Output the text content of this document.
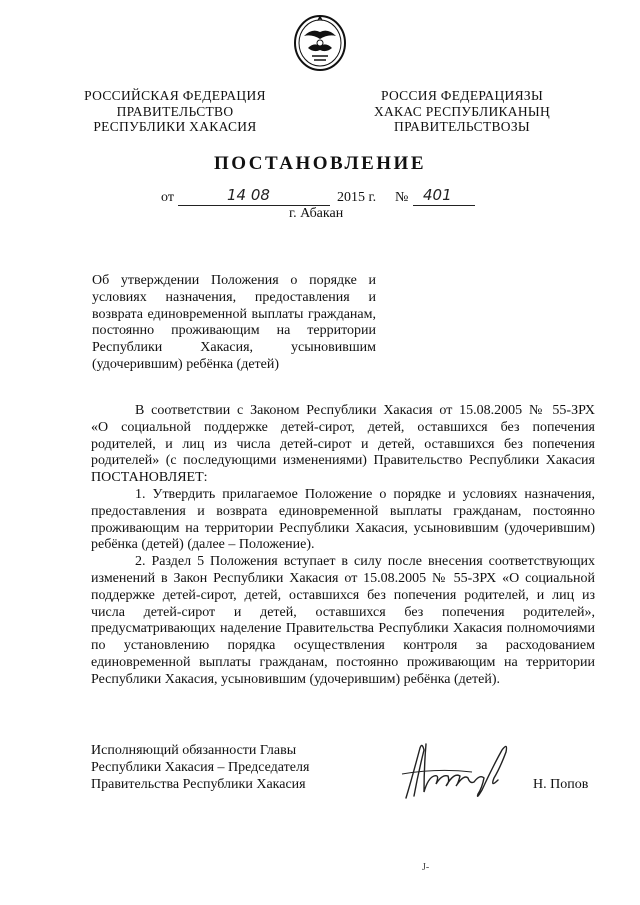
РОССИЙСКАЯ ФЕДЕРАЦИЯ
ПРАВИТЕЛЬСТВО
РЕСПУБЛИКИ ХАКАСИЯ
РОССИЯ ФЕДЕРАЦИЯЗЫ
ХАКАС РЕСПУБЛИКАНЫҢ
ПРАВИТЕЛЬСТВОЗЫ
ПОСТАНОВЛЕНИЕ
от	14 08	2015 г. № 401
г. Абакан
Об утверждении Положения о порядке и
условиях назначения, предоставления и
возврата единовременной выплаты гражданам,
постоянно проживающим на территории
Республики Хакасия, усыновившим
(удочерившим) ребёнка (детей)
В соответствии с Законом Республики Хакасия от 15.08.2005 № 55-ЗРХ
«О социальной поддержке детей-сирот, детей, оставшихся без попечения
родителей, и лиц из числа детей-сирот и детей, оставшихся без попечения
родителей» (с последующими изменениями) Правительство Республики Хакасия
ПОСТАНОВЛЯЕТ:
1. Утвердить прилагаемое Положение о порядке и условиях назначения,
предоставления и возврата единовременной выплаты гражданам, постоянно
проживающим на территории Республики Хакасия, усыновившим (удочерившим)
ребёнка (детей) (далее – Положение).
2. Раздел 5 Положения вступает в силу после внесения соответствующих
изменений в Закон Республики Хакасия от 15.08.2005 № 55-ЗРХ «О социальной
поддержке детей-сирот, детей, оставшихся без попечения родителей, и лиц из
числа детей-сирот и детей, оставшихся без попечения родителей»,
предусматривающих наделение Правительства Республики Хакасия полномочиями
по установлению порядка осуществления контроля за расходованием
единовременной выплаты гражданам, постоянно проживающим на территории
Республики Хакасия, усыновившим (удочерившим) ребёнка (детей).
Исполняющий обязанности Главы
Республики Хакасия – Председателя
Правительства Республики Хакасия	Н. Попов
J-
